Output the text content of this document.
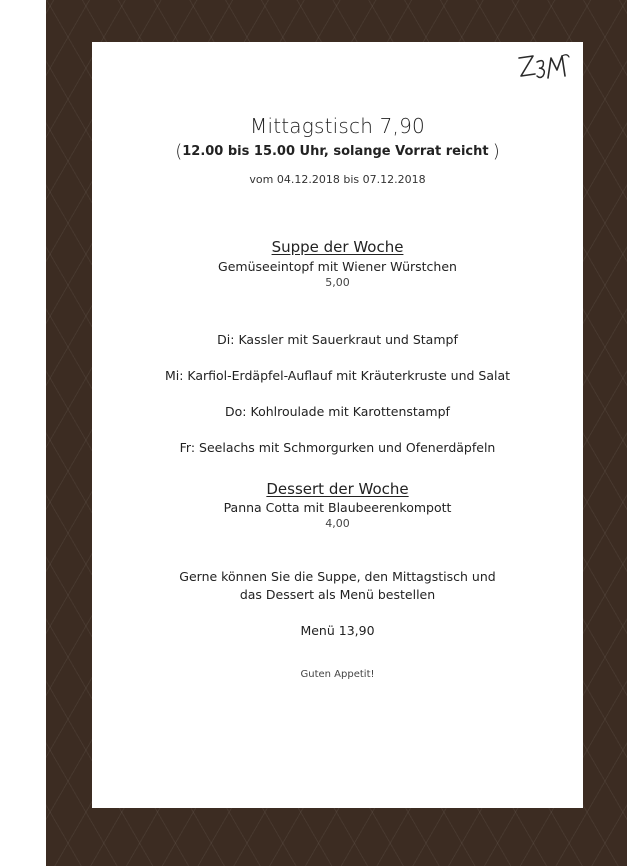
Mittagstisch 7,90
(12.00 bis 15.00 Uhr, solange Vorrat reicht )
vom 04.12.2018 bis 07.12.2018
Suppe der Woche
Gemüseeintopf mit Wiener Würstchen
5,00
Di: Kassler mit Sauerkraut und Stampf
Mi: Karfiol-Erdäpfel-Auflauf mit Kräuterkruste und Salat
Do: Kohlroulade mit Karottenstampf
Fr: Seelachs mit Schmorgurken und Ofenerdäpfeln
Dessert der Woche
Panna Cotta mit Blaubeerenkompott
4,00
Gerne können Sie die Suppe, den Mittagstisch und
das Dessert als Menü bestellen
Menü 13,90
Guten Appetit!
